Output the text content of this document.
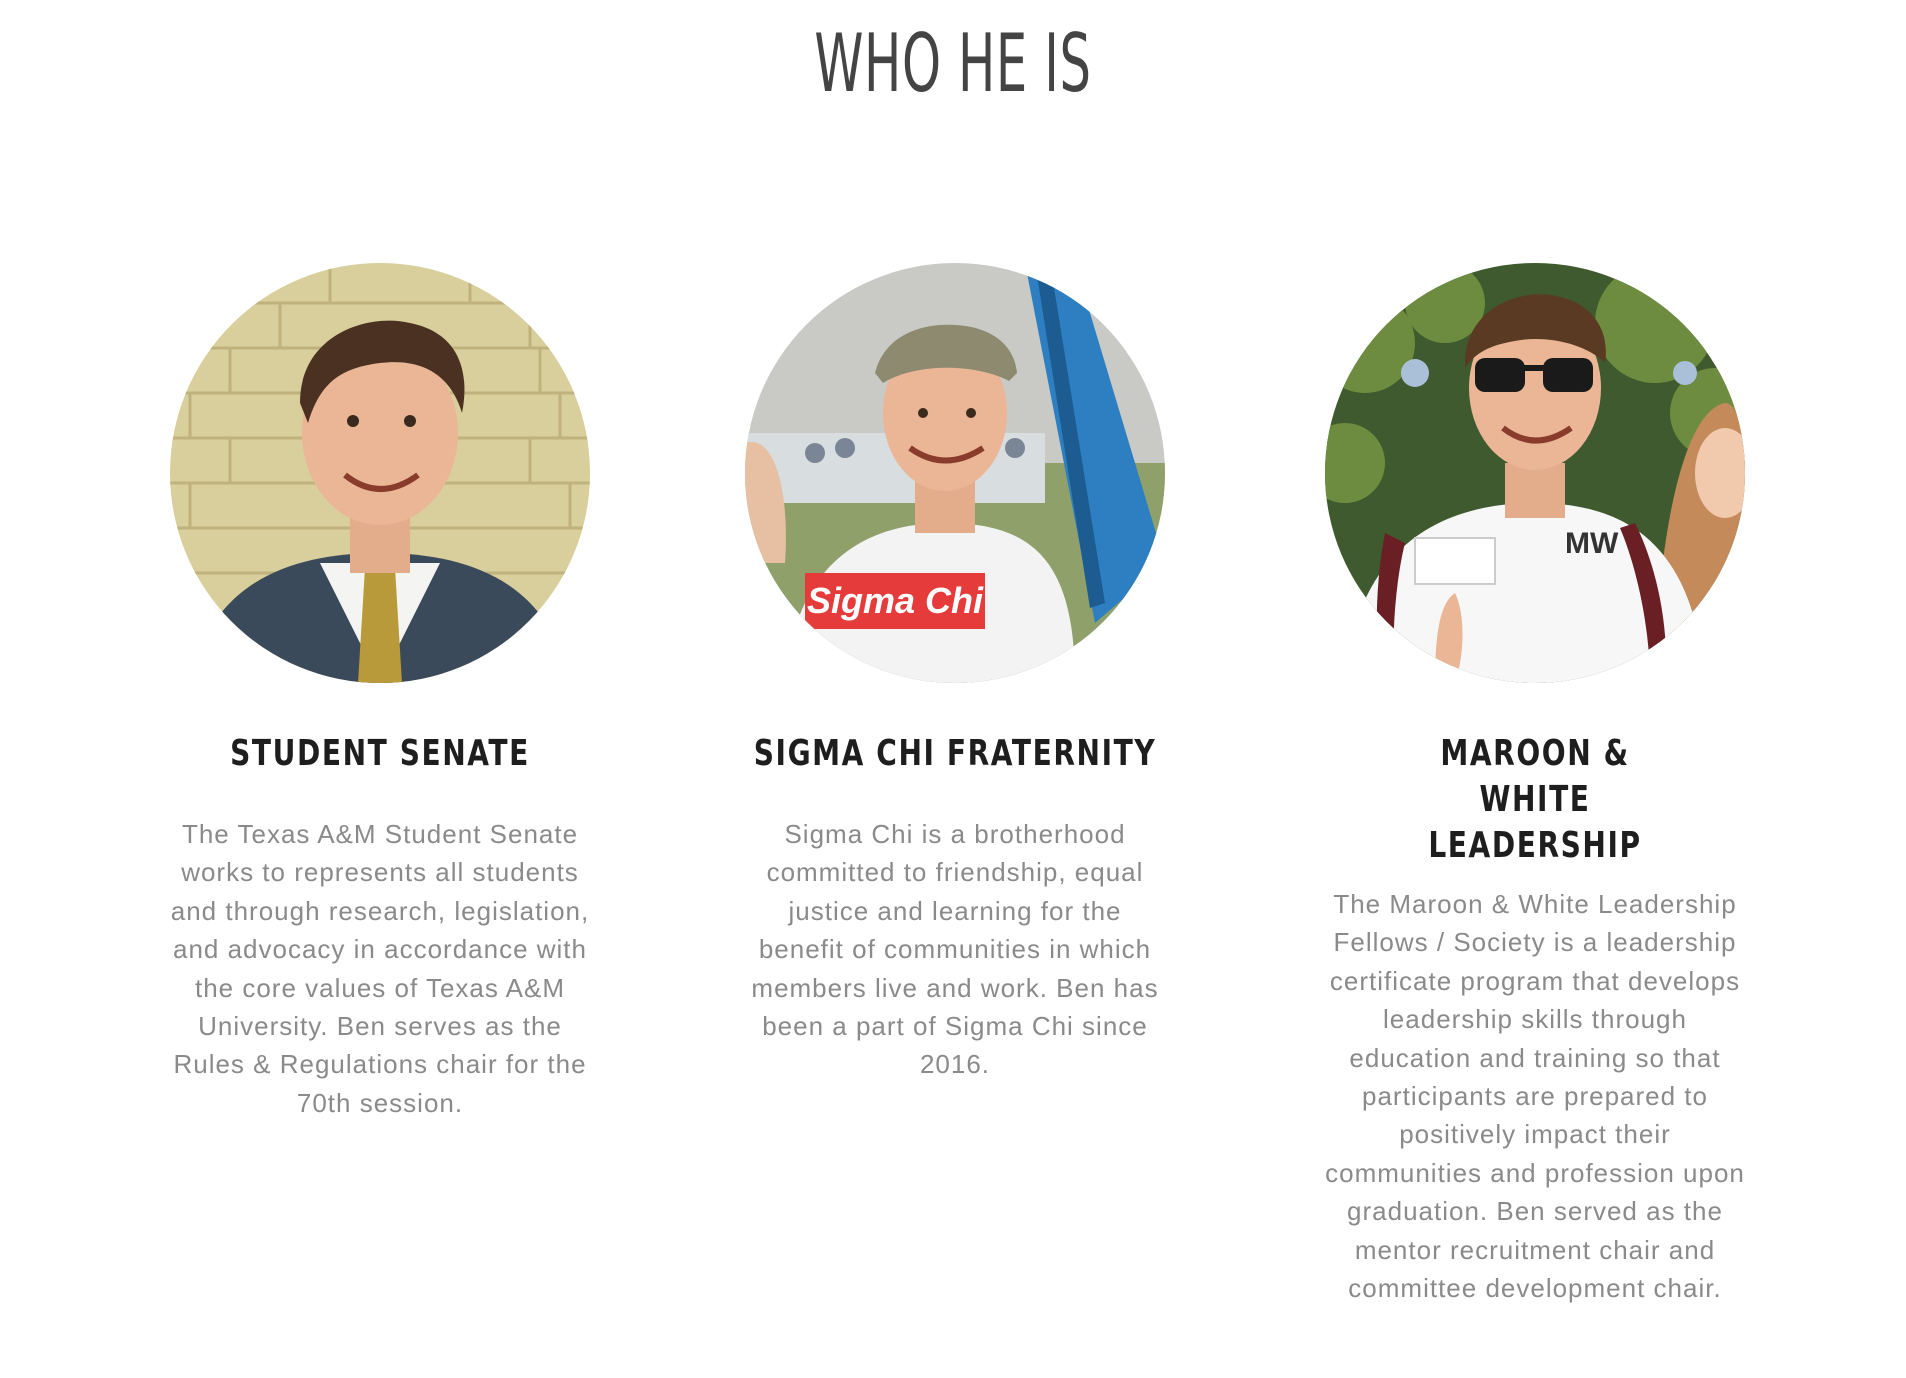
WHO HE IS
STUDENT SENATE
The Texas A&M Student Senate works to represents all students and through research, legislation, and advocacy in accordance with the core values of Texas A&M University. Ben serves as the Rules & Regulations chair for the 70th session.
Sigma Chi
SIGMA CHI FRATERNITY
Sigma Chi is a brotherhood committed to friendship, equal justice and learning for the benefit of communities in which members live and work. Ben has been a part of Sigma Chi since 2016.
MW
MAROON & WHITE LEADERSHIP
The Maroon & White Leadership Fellows / Society is a leadership certificate program that develops leadership skills through education and training so that participants are prepared to positively impact their communities and profession upon graduation. Ben served as the mentor recruitment chair and committee development chair.
